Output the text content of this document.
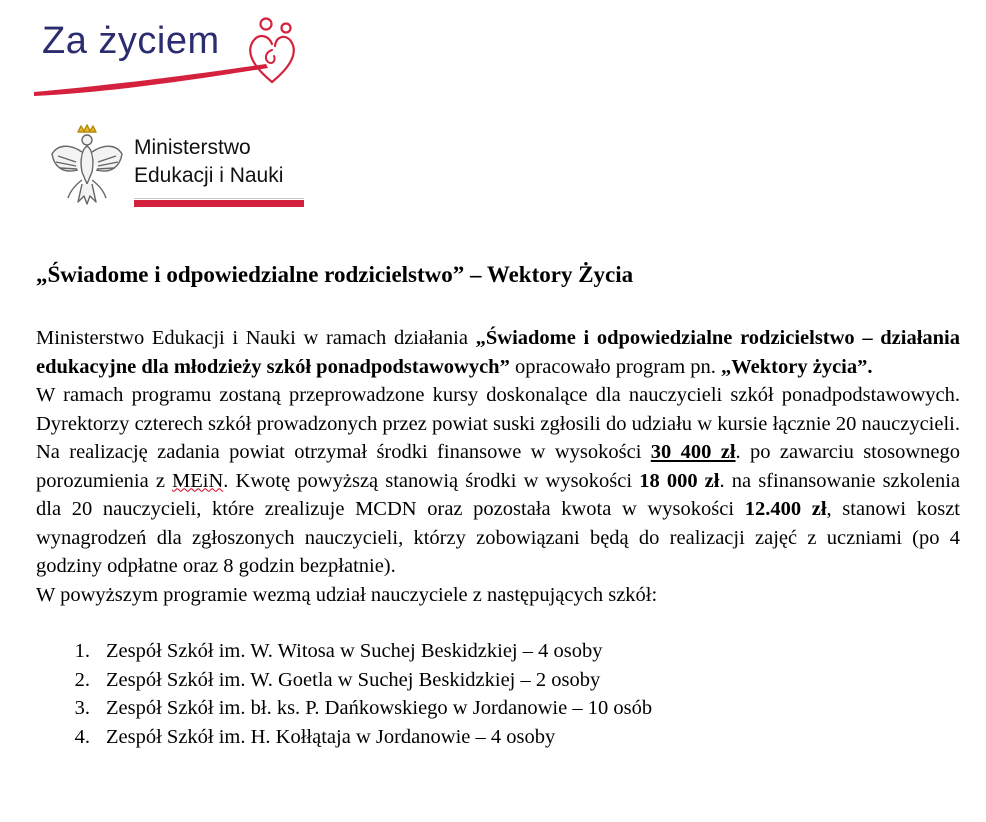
Za życiem
Ministerstwo
Edukacji i Nauki
„Świadome i odpowiedzialne rodzicielstwo” – Wektory Życia

Ministerstwo Edukacji i Nauki w ramach działania „Świadome i odpowiedzialne rodzicielstwo – działania edukacyjne dla młodzieży szkół ponadpodstawowych” opracowało program pn. „Wektory życia”.

W ramach programu zostaną przeprowadzone kursy doskonalące dla nauczycieli szkół ponadpodstawowych. Dyrektorzy czterech szkół prowadzonych przez powiat suski zgłosili do udziału w kursie łącznie 20 nauczycieli. Na realizację zadania powiat otrzymał środki finansowe w wysokości 30 400 zł. po zawarciu stosownego porozumienia z MEiN. Kwotę powyższą stanowią środki w wysokości 18 000 zł. na sfinansowanie szkolenia dla 20 nauczycieli, które zrealizuje MCDN oraz pozostała kwota w wysokości 12.400 zł, stanowi koszt wynagrodzeń dla zgłoszonych nauczycieli, którzy zobowiązani będą do realizacji zajęć z uczniami (po 4 godziny odpłatne oraz 8 godzin bezpłatnie).

W powyższym programie wezmą udział nauczyciele z następujących szkół:

1. Zespół Szkół im. W. Witosa w Suchej Beskidzkiej – 4 osoby
2. Zespół Szkół im. W. Goetla w Suchej Beskidzkiej – 2 osoby
3. Zespół Szkół im. bł. ks. P. Dańkowskiego w Jordanowie – 10 osób
4. Zespół Szkół im. H. Kołłątaja w Jordanowie – 4 osoby
